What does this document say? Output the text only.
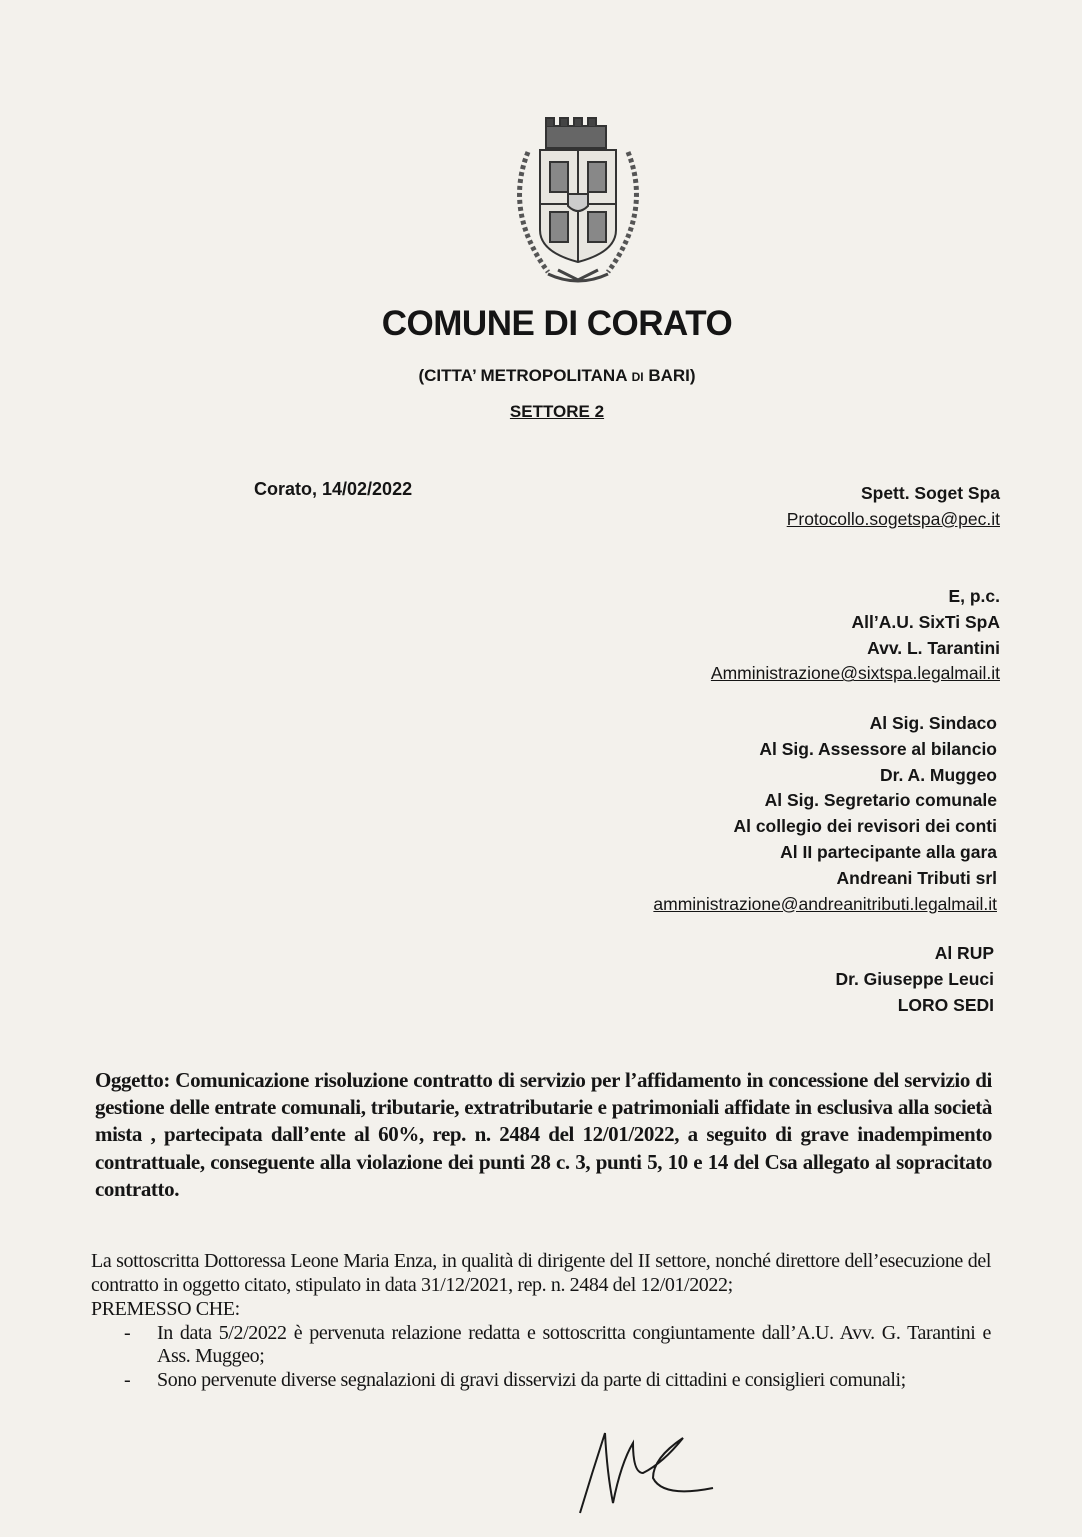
COMUNE DI CORATO
(CITTA’ METROPOLITANA DI BARI)
SETTORE 2
Corato, 14/02/2022	Spett. Soget Spa
Protocollo.sogetspa@pec.it
E, p.c.
All’A.U. SixTi SpA
Avv. L. Tarantini
Amministrazione@sixtspa.legalmail.it
Al Sig. Sindaco
Al Sig. Assessore al bilancio
Dr. A. Muggeo
Al Sig. Segretario comunale
Al collegio dei revisori dei conti
Al II partecipante alla gara
Andreani Tributi srl
amministrazione@andreanitributi.legalmail.it
Al RUP
Dr. Giuseppe Leuci
LORO SEDI
Oggetto: Comunicazione risoluzione contratto di servizio per l’affidamento in concessione del servizio di gestione delle entrate comunali, tributarie, extratributarie e patrimoniali affidate in esclusiva alla società mista , partecipata dall’ente al 60%, rep. n. 2484 del 12/01/2022, a seguito di grave inadempimento contrattuale, conseguente alla violazione dei punti 28 c. 3, punti 5, 10 e 14 del Csa allegato al sopracitato contratto.

La sottoscritta Dottoressa Leone Maria Enza, in qualità di dirigente del II settore, nonché direttore dell’esecuzione del contratto in oggetto citato, stipulato in data 31/12/2021, rep. n. 2484 del 12/01/2022;

PREMESSO CHE:

- In data 5/2/2022 è pervenuta relazione redatta e sottoscritta congiuntamente dall’A.U. Avv. G. Tarantini e Ass. Muggeo;
- Sono pervenute diverse segnalazioni di gravi disservizi da parte di cittadini e consiglieri comunali;
